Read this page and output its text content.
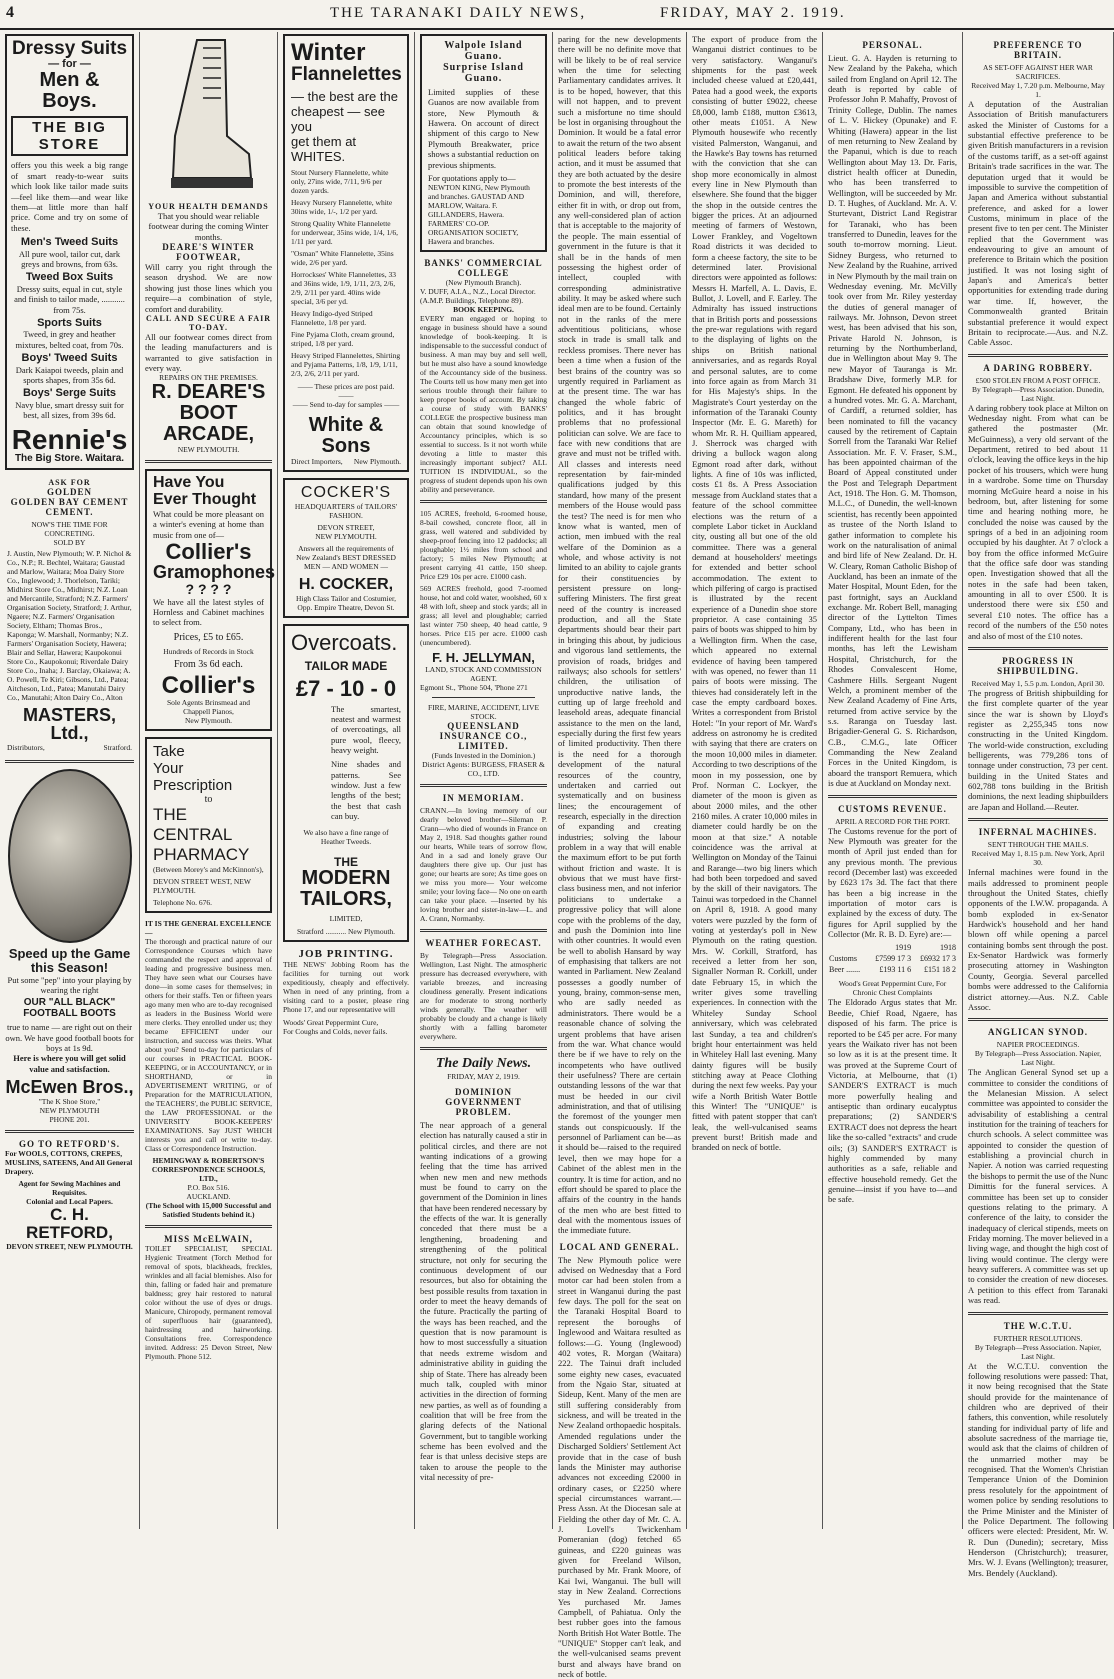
4	THE TARANAKI DAILY NEWS,	FRIDAY, MAY 2. 1919.
Dressy Suits
— for —
Men & Boys.
THE BIG STORE
offers you this week a big range of smart ready-to-wear suits which look like tailor made suits—feel like them—and wear like them—at little more than half price. Come and try on some of these.
Men's Tweed Suits
All pure wool, tailor cut, dark greys and browns, from 63s.
Tweed Box Suits
Dressy suits, equal in cut, style and finish to tailor made, ........... from 75s.
Sports Suits
Tweed, in grey and heather mixtures, belted coat, from 70s.
Boys' Tweed Suits
Dark Kaiapoi tweeds, plain and sports shapes, from 35s 6d.
Boys' Serge Suits
Navy blue, smart dressy suit for best, all sizes, from 39s 6d.
Rennie's
The Big Store. Waitara.
ASK FOR
GOLDEN
GOLDEN BAY CEMENT
CEMENT.
NOW'S THE TIME FOR CONCRETING.
SOLD BY
J. Austin, New Plymouth; W. P. Nichol & Co., N.P.; R. Bechtel, Waitara; Gaustad and Marlow, Waitara; Moa Dairy Store Co., Inglewood; J. Thorlelson, Tariki; Midhirst Store Co., Midhirst; N.Z. Loan and Mercantile, Stratford; N.Z. Farmers' Organisation Society, Stratford; J. Arthur, Ngaere; N.Z. Farmers' Organisation Society, Eltham; Thomas Bros., Kaponga; W. Marshall, Normanby; N.Z. Farmers' Organisation Society, Hawera; Blair and Sellar, Hawera; Kaupokonui Store Co., Kaupokonui; Riverdale Dairy Store Co., Inaha; J. Barclay, Okaiawa; A. O. Powell, Te Kiri; Gibsons, Ltd., Patea; Aitcheson, Ltd., Patea; Manutahi Dairy Co., Manutahi; Alton Dairy Co., Alton
MASTERS, Ltd.,
Distributors,	Stratford.
Speed up the Game
this Season!
Put some "pep" into your playing by wearing the right
OUR "ALL BLACK" FOOTBALL BOOTS
true to name — are right out on their own. We have good football boots for boys at 1s 9d.
Here is where you will get solid value and satisfaction.
McEwen Bros.,
"The K Shoe Store,"
NEW PLYMOUTH
PHONE 201.
GO TO RETFORD'S.
For WOOLS, COTTONS, CREPES, MUSLINS, SATEENS, And All General Drapery.
Agent for Sewing Machines and Requisites.
Colonial and Local Papers.
C. H. RETFORD,
DEVON STREET, NEW PLYMOUTH.
YOUR HEALTH DEMANDS
That you should wear reliable footwear during the coming Winter months.
DEARE'S WINTER FOOTWEAR,
Will carry you right through the season dryshod. We are now showing just those lines which you require—a combination of style, comfort and durability.
CALL AND SECURE A FAIR TO-DAY.
All our footwear comes direct from the leading manufacturers and is warranted to give satisfaction in every way.
REPAIRS ON THE PREMISES.
R. DEARE'S
BOOT
ARCADE,
NEW PLYMOUTH.
Have You
Ever Thought
What could be more pleasant on a winter's evening at home than music from one of—
Collier's
Gramophones
? ? ? ?
We have all the latest styles of Hornless and Cabinet machines to select from.
Prices, £5 to £65.
Hundreds of Records in Stock
From 3s 6d each.
Collier's
Sole Agents Brinsmead and Chappell Pianos,
New Plymouth.
Take
Your
Prescription
to
THE
CENTRAL
PHARMACY
(Between Morey's and McKinnon's),
DEVON STREET WEST, NEW PLYMOUTH.
Telephone No. 676.
IT IS THE GENERAL EXCELLENCE—
The thorough and practical nature of our Correspondence Courses which have commanded the respect and approval of leading and progressive business men. They have seen what our Courses have done—in some cases for themselves; in others for their staffs. Ten or fifteen years ago many men who are to-day recognised as leaders in the Business World were mere clerks. They enrolled under us; they became EFFICIENT under our instruction, and success was theirs. What about you? Send to-day for particulars of our courses in PRACTICAL BOOK-KEEPING, or in ACCOUNTANCY, or in SHORTHAND, or in ADVERTISEMENT WRITING, or of Preparation for the MATRICULATION, the TEACHERS', the PUBLIC SERVICE, the LAW PROFESSIONAL or the UNIVERSITY BOOK-KEEPERS' EXAMINATIONS. Say JUST WHICH interests you and call or write to-day. Class or Correspondence Instruction.
HEMINGWAY & ROBERTSON'S CORRESPONDENCE SCHOOLS, LTD.,
P.O. Box 516.
AUCKLAND.
(The School with 15,000 Successful and Satisfied Students behind it.)
MISS McELWAIN,
TOILET SPECIALIST, SPECIAL Hygienic Treatment (Torch Method for removal of spots, blackheads, freckles, wrinkles and all facial blemishes. Also for thin, falling or faded hair and premature baldness; grey hair restored to natural color without the use of dyes or drugs. Manicure, Chiropody, permanent removal of superfluous hair (guaranteed), hairdressing and hairworking. Consultations free. Correspondence invited. Address: 25 Devon Street, New Plymouth. Phone 512.
Winter
Flannelettes
— the best are the
cheapest — see you
get them at WHITES.
Stout Nursery Flannelette, white only, 27ins wide, 7/11, 9/6 per dozen yards.
Heavy Nursery Flannelette, white 30ins wide, 1/-, 1/2 per yard.
Strong Quality White Flannelette for underwear, 35ins wide, 1/4, 1/6, 1/11 per yard.
"Osman" White Flannelette, 35ins wide, 2/6 per yard.
Horrockses' White Flannelettes, 33 and 36ins wide, 1/9, 1/11, 2/3, 2/6, 2/9, 2/11 per yard. 40ins wide special, 3/6 per yd.
Heavy Indigo-dyed Striped Flannelette, 1/8 per yard.
Fine Pyjama Cloth, cream ground, striped, 1/8 per yard.
Heavy Striped Flannelettes, Shirting and Pyjama Patterns, 1/8, 1/9, 1/11, 2/3, 2/6, 2/11 per yard.
—— These prices are post paid. ——
—— Send to-day for samples ——
White & Sons
Direct Importers, New Plymouth.
COCKER'S
HEADQUARTERS of TAILORS' FASHION.
DEVON STREET,
NEW PLYMOUTH.
Answers all the requirements of New Zealand's BEST DRESSED MEN — AND WOMEN —
H. COCKER,
High Class Tailor and Costumier,
Opp. Empire Theatre, Devon St.
Overcoats.
TAILOR MADE
£7 - 10 - 0
The smartest, neatest and warmest of overcoatings, all pure wool, fleecy, heavy weight.
Nine shades and patterns. See window. Just a few lengths of the best; the best that cash can buy.
We also have a fine range of Heather Tweeds.
THE
MODERN
TAILORS,
LIMITED,
Stratford ........... New Plymouth.
JOB PRINTING.
THE NEWS' Jobbing Room has the facilities for turning out work expeditiously, cheaply and effectively. When in need of any printing, from a visiting card to a poster, please ring Phone 17, and our representative will
Woods' Great Peppermint Cure,
For Coughs and Colds, never fails.
Walpole Island Guano.
Surprise Island Guano.
Limited supplies of these Guanos are now available from store, New Plymouth & Hawera. On account of direct shipment of this cargo to New Plymouth Breakwater, price shows a substantial reduction on previous shipments.
For quotations apply to—
NEWTON KING, New Plymouth and branches. GAUSTAD AND MARLOW, Waitara. F. GILLANDERS, Hawera. FARMERS' CO-OP. ORGANISATION SOCIETY, Hawera and branches.
BANKS' COMMERCIAL COLLEGE
(New Plymouth Branch).
V. DUFF, A.I.A., N.Z., Local Director. (A.M.P. Buildings, Telephone 89).
BOOK KEEPING.
EVERY man engaged or hoping to engage in business should have a sound knowledge of book-keeping. It is indispensable to the successful conduct of business. A man may buy and sell well, but he must also have a sound knowledge of the Accountancy side of the business. The Courts tell us how many men get into serious trouble through their failure to keep proper books of account. By taking a course of study with BANKS' COLLEGE the prospective business man can obtain that sound knowledge of Accountancy principles, which is so essential to success. Is it not worth while devoting a little to master this increasingly important subject? ALL TUITION IS INDIVIDUAL, so the progress of student depends upon his own ability and perseverance.
105 ACRES, freehold, 6-roomed house, 8-bail cowshed, concrete floor, all in grass, well watered and subdivided by sheep-proof fencing into 12 paddocks; all ploughable; 1½ miles from school and factory; 5 miles New Plymouth; at present carrying 41 cattle, 150 sheep. Price £29 10s per acre. £1000 cash.
569 ACRES freehold, good 7-roomed house, hot and cold water, woolshed, 60 x 48 with loft, sheep and stock yards; all in grass; all level and ploughable; carried last winter 750 sheep, 40 head cattle, 9 horses. Price £15 per acre. £1000 cash (unencumbered).
F. H. JELLYMAN,
LAND, STOCK AND COMMISSION AGENT.
Egmont St., 'Phone 504, 'Phone 271
FIRE, MARINE, ACCIDENT, LIVE STOCK.
QUEENSLAND INSURANCE CO., LIMITED.
(Funds Invested in the Dominion.) District Agents: BURGESS, FRASER & CO., LTD.
IN MEMORIAM.
CRANN.—In loving memory of our dearly beloved brother—Sileman P. Crann—who died of wounds in France on May 2, 1918. Sad thoughts gather round our hearts, While tears of sorrow flow, And in a sad and lonely grave Our daughters there give up. Our just has gone; our hearts are sore; As time goes on we miss you more— Your welcome smile; your loving face— No one on earth can take your place. —Inserted by his loving brother and sister-in-law—L. and A. Crann, Normanby.
WEATHER FORECAST.
By Telegraph—Press Association. Wellington, Last Night. The atmospheric pressure has decreased everywhere, with variable breezes, and increasing cloudiness generally. Present indications are for moderate to strong northerly winds generally. The weather will probably be cloudy and a change is likely shortly with a falling barometer everywhere.
The Daily News.
FRIDAY, MAY 2, 1919.
DOMINION GOVERNMENT PROBLEM.
The near approach of a general election has naturally caused a stir in political circles, and there are not wanting indications of a growing feeling that the time has arrived when new men and new methods must be found to carry on the government of the Dominion in lines that have been rendered necessary by the effects of the war. It is generally conceded that there must be a lengthening, broadening and strengthening of the political structure, not only for securing the continuous development of our resources, but also for obtaining the best possible results from taxation in order to meet the heavy demands of the future. Practically the parting of the ways has been reached, and the question that is now paramount is how to most successfully a situation that needs extreme wisdom and administrative ability in guiding the ship of State. There has already been much talk, coupled with minor activities in the direction of forming new parties, as well as of founding a coalition that will be free from the glaring defects of the National Government, but to tangible working scheme has been evolved and the fear is that unless decisive steps are taken to arouse the people to the vital necessity of pre-
paring for the new developments there will be no definite move that will be likely to be of real service when the time for selecting Parliamentary candidates arrives. It is to be hoped, however, that this will not happen, and to prevent such a misfortune no time should be lost in organising throughout the Dominion. It would be a fatal error to await the return of the two absent political leaders before taking action, and it must be assumed that they are both actuated by the desire to promote the best interests of the Dominion, and will, therefore, either fit in with, or drop out from, any well-considered plan of action that is acceptable to the majority of the people. The main essential of government in the future is that it shall be in the hands of men possessing the highest order of intellect, coupled with corresponding administrative ability. It may be asked where such ideal men are to be found. Certainly not in the ranks of the mere adventitious politicians, whose stock in trade is small talk and reckless promises. There never has been a time when a fusion of the best brains of the country was so urgently required in Parliament as at the present time. The war has changed the whole fabric of politics, and it has brought problems that no professional politician can solve. We are face to face with new conditions that are grave and must not be trifled with. All classes and interests need representation by fair-minded qualifications judged by this standard, how many of the present members of the House would pass the test? The need is for men who know what is wanted, men of action, men imbued with the real welfare of the Dominion as a whole, and whose activity is not limited to an ability to cajole grants for their constituencies by persistent pressure on long-suffering Ministers. The first great need of the country is increased production, and all the State departments should bear their part in bringing this about, by judicious and vigorous land settlements, the provision of roads, bridges and railways; also schools for settlers' children, the utilisation of unproductive native lands, the cutting up of large freehold and leasehold areas, adequate financial assistance to the men on the land, especially during the first few years of limited productivity. Then there is the need for a thorough development of the natural resources of the country, undertaken and carried out systematically and on business lines; the encouragement of research, especially in the direction of expanding and creating industries; solving the labour problem in a way that will enable the maximum effort to be put forth without friction and waste. It is obvious that we must have first-class business men, and not inferior politicians to undertake a progressive policy that will alone cope with the problems of the day, and push the Dominion into line with other countries. It would even be well to abolish Hansard by way of emphasising that talkers are not wanted in Parliament. New Zealand possesses a goodly number of young, brainy, common-sense men, who are sadly needed as administrators. There would be a reasonable chance of solving the urgent problems that have arisen from the war. What chance would there be if we have to rely on the incompetents who have outlived their usefulness? There are certain outstanding lessons of the war that must be heeded in our civil administration, and that of utilising the foremost of the younger men stands out conspicuously. If the personnel of Parliament can be—as it should be—raised to the required level, then we may hope for a Cabinet of the ablest men in the country. It is time for action, and no effort should be spared to place the affairs of the country in the hands of the men who are best fitted to deal with the momentous issues of the immediate future.
LOCAL AND GENERAL.
The New Plymouth police were advised on Wednesday that a Ford motor car had been stolen from a street in Wanganui during the past few days. The poll for the seat on the Taranaki Hospital Board to represent the boroughs of Inglewood and Waitara resulted as follows:—G. Young (Inglewood) 402 votes, R. Morgan (Waitara) 222. The Tainui draft included some eighty new cases, evacuated from the Ngaio Star, situated at Sideup, Kent. Many of the men are still suffering considerably from sickness, and will be treated in the New Zealand orthopaedic hospitals. Amended regulations under the Discharged Soldiers' Settlement Act provide that in the case of bush lands the Minister may authorise advances not exceeding £2000 in ordinary cases, or £2250 where special circumstances warrant.—Press Assn. At the Diocesan sale at Fielding the other day of Mr. C. A. J. Lovell's Twickenham Pomeranian (dog) fetched 65 guineas, and £220 guineas was given for Freeland Wilson, purchased by Mr. Frank Moore, of Kai Iwi, Wanganui. The bull will stay in New Zealand. Corrections Yes purchased Mr. James Campbell, of Pahiatua. Only the best rubber goes into the famous North British Hot Water Bottle. The "UNIQUE" Stopper can't leak, and the well-vulcanised seams prevent burst and always have brand on neck of bottle.
The export of produce from the Wanganui district continues to be very satisfactory. Wanganui's shipments for the past week included cheese valued at £20,441, Patea had a good week, the exports consisting of butter £9022, cheese £8,000, lamb £188, mutton £3613, other meats £1051. A New Plymouth housewife who recently visited Palmerston, Wanganui, and the Hawke's Bay towns has returned with the conviction that she can shop more economically in almost every line in New Plymouth than elsewhere. She found that the bigger the shop in the outside centres the bigger the prices. At an adjourned meeting of farmers of Westown, Lower Frankley, and Vogeltown Road districts it was decided to form a cheese factory, the site to be determined later. Provisional directors were appointed as follows: Messrs H. Marfell, A. L. Davis, E. Bullot, J. Lovell, and F. Earley. The Admiralty has issued instructions that in British ports and possessions the pre-war regulations with regard to the displaying of lights on the ships on British national anniversaries, and as regards Royal and personal salutes, are to come into force again as from March 31 for His Majesty's ships. In the Magistrate's Court yesterday on the information of the Taranaki County Inspector (Mr. E. G. Mareth) for whom Mr. R. H. Quilliam appeared, J. Sherrock was charged with driving a bullock wagon along Egmont road after dark, without lights. A fine of 10s was inflicted, costs £1 8s. A Press Association message from Auckland states that a feature of the school committee elections was the return of a complete Labor ticket in Auckland city, ousting all but one of the old committee. There was a general demand at householders' meetings for extended and better school accommodation. The extent to which pilfering of cargo is practised is illustrated by the recent experience of a Dunedin shoe store proprietor. A case containing 35 pairs of boots was shipped to him by a Wellington firm. When the case, which appeared no external evidence of having been tampered with was opened, no fewer than 11 pairs of boots were missing. The thieves had considerately left in the case the empty cardboard boxes. Writes a correspondent from Bristol Hotel: "In your report of Mr. Ward's address on astronomy he is credited with saying that there are craters on the moon 10,000 miles in diameter. According to two descriptions of the moon in my possession, one by Prof. Norman C. Lockyer, the diameter of the moon is given as about 2000 miles, and the other 2160 miles. A crater 10,000 miles in diameter could hardly be on the moon at that size." A notable coincidence was the arrival at Wellington on Monday of the Tainui and Rarange—two big liners which had both been torpedoed and saved by the skill of their navigators. The Tainui was torpedoed in the Channel on April 8, 1918. A good many voters were puzzled by the form of voting at yesterday's poll in New Plymouth on the rating question. Mrs. W. Corkill, Stratford, has received a letter from her son, Signaller Norman R. Corkill, under date February 15, in which the writer gives some travelling experiences. In connection with the Whiteley Sunday School anniversary, which was celebrated last Sunday, a tea and children's bright hour entertainment was held in Whiteley Hall last evening. Many dainty figures will be busily stitching away at Peace Clothing during the next few weeks. Pay your wife a North British Water Bottle this Winter! The "UNIQUE" is fitted with patent stopper that can't leak, the well-vulcanised seams prevent burst! British made and branded on neck of bottle.
PERSONAL.
Lieut. G. A. Hayden is returning to New Zealand by the Pakeha, which sailed from England on April 12. The death is reported by cable of Professor John P. Mahaffy, Provost of Trinity College, Dublin. The names of L. V. Hickey (Opunake) and F. Whiting (Hawera) appear in the list of men returning to New Zealand by the Papanui, which is due to reach Wellington about May 13. Dr. Faris, district health officer at Dunedin, who has been transferred to Wellington, will be succeeded by Mr. D. T. Hughes, of Auckland. Mr. A. V. Sturtevant, District Land Registrar for Taranaki, who has been transferred to Dunedin, leaves for the south to-morrow morning. Lieut. Sidney Burgess, who returned to New Zealand by the Ruahine, arrived in New Plymouth by the mail train on Wednesday evening. Mr. McVilly took over from Mr. Riley yesterday the duties of general manager of railways. Mr. Johnson, Devon street west, has been advised that his son, Private Harold N. Johnson, is returning by the Northumberland, due in Wellington about May 9. The new Mayor of Tauranga is Mr. Bradshaw Dive, formerly M.P. for Egmont. He defeated his opponent by a hundred votes. Mr. G. A. Marchant, of Cardiff, a returned soldier, has been nominated to fill the vacancy caused by the retirement of Captain Sorrell from the Taranaki War Relief Association. Mr. F. V. Fraser, S.M., has been appointed chairman of the Board of Appeal constituted under the Post and Telegraph Department Act, 1918. The Hon. G. M. Thomson, M.L.C., of Dunedin, the well-known scientist, has recently been appointed as trustee of the North Island to gather information to complete his work on the naturalisation of animal and bird life of New Zealand. Dr. H. W. Cleary, Roman Catholic Bishop of Auckland, has been an inmate of the Mater Hospital, Mount Eden, for the past fortnight, says an Auckland exchange. Mr. Robert Bell, managing director of the Lyttelton Times Company, Ltd., who has been in indifferent health for the last four months, has left the Lewisham Hospital, Christchurch, for the Rhodes Convalescent Home, Cashmere Hills. Sergeant Nugent Welch, a prominent member of the New Zealand Academy of Fine Arts, returned from active service by the s.s. Raranga on Tuesday last. Brigadier-General G. S. Richardson, C.B., C.M.G., late Officer Commanding the New Zealand Forces in the United Kingdom, is aboard the transport Remuera, which is due at Auckland on Monday next.
CUSTOMS REVENUE.
APRIL A RECORD FOR THE PORT.
The Customs revenue for the port of New Plymouth was greater for the month of April just ended than for any previous month. The previous record (December last) was exceeded by £623 17s 3d. The fact that there has been a big increase in the importation of motor cars is explained by the excess of duty. The figures for April supplied by the Collector (Mr. R. B. D. Eyre) are:—
	1919	1918
Customs	£7599 17 3	£6932 17 3
Beer .......	£193 11 6	£151 18 2
Wood's Great Peppermint Cure, For Chronic Chest Complaints
The Eldorado Argus states that Mr. Beedie, Chief Road, Ngaere, has disposed of his farm. The price is reported to be £45 per acre. For many years the Waikato river has not been so low as it is at the present time. It was proved at the Supreme Court of Victoria, at Melbourne, that (1) SANDER'S EXTRACT is much more powerfully healing and antiseptic than ordinary eucalyptus preparations; (2) SANDER'S EXTRACT does not depress the heart like the so-called "extracts" and crude oils; (3) SANDER'S EXTRACT is highly commended by many authorities as a safe, reliable and effective household remedy. Get the genuine—insist if you have to—and be safe.
PREFERENCE TO BRITAIN.
AS SET-OFF AGAINST HER WAR SACRIFICES.
Received May 1, 7.20 p.m. Melbourne, May 1.
A deputation of the Australian Association of British manufacturers asked the Minister of Customs for a substantial effective preference to be given British manufacturers in a revision of the customs tariff, as a set-off against Britain's trade sacrifices in the war. The deputation urged that it would be impossible to survive the competition of Japan and America without substantial preference, and asked for a lower Customs, minimum in place of the present five to ten per cent. The Minister replied that the Government was endeavouring to give an amount of preference to Britain which the position justified. It was not losing sight of Japan's and America's better opportunities for extending trade during war time. If, however, the Commonwealth granted Britain substantial preference it would expect Britain to reciprocate.—Aus. and N.Z. Cable Assoc.
A DARING ROBBERY.
£500 STOLEN FROM A POST OFFICE.
By Telegraph—Press Association. Dunedin, Last Night.
A daring robbery took place at Milton on Wednesday night. From what can be gathered the postmaster (Mr. McGuinness), a very old servant of the Department, retired to bed about 11 o'clock, leaving the office keys in the hip pocket of his trousers, which were hung in a wardrobe. Some time on Thursday morning McGuire heard a noise in his bedroom, but, after listening for some time and hearing nothing more, he concluded the noise was caused by the springs of a bed in an adjoining room occupied by his daughter. At 7 o'clock a boy from the office informed McGuire that the office safe door was standing open. Investigation showed that all the notes in the safe had been taken, amounting in all to over £500. It is understood there were six £50 and several £10 notes. The office has a record of the numbers of the £50 notes and also of most of the £10 notes.
PROGRESS IN SHIPBUILDING.
Received May 1, 5.5 p.m. London, April 30.
The progress of British shipbuilding for the first complete quarter of the year since the war is shown by Lloyd's register as 2,255,345 tons now constructing in the United Kingdom. The world-wide construction, excluding belligerents, was 779,286 tons of tonnage under construction, 73 per cent. building in the United States and 602,788 tons building in the British dominions, the next leading shipbuilders are Japan and Holland.—Reuter.
INFERNAL MACHINES.
SENT THROUGH THE MAILS.
Received May 1, 8.15 p.m. New York, April 30.
Infernal machines were found in the mails addressed to prominent people throughout the United States, chiefly opponents of the I.W.W. propaganda. A bomb exploded in ex-Senator Hardwick's household and her hand blown off while opening a parcel containing bombs sent through the post. Ex-Senator Hardwick was formerly prosecuting attorney in Washington County, Georgia. Several parcelled bombs were addressed to the California district attorney.—Aus. N.Z. Cable Assoc.
ANGLICAN SYNOD.
NAPIER PROCEEDINGS.
By Telegraph—Press Association. Napier, Last Night.
The Anglican General Synod set up a committee to consider the conditions of the Melanesian Mission. A select committee was appointed to consider the advisability of establishing a central institution for the training of teachers for church schools. A select committee was appointed to consider the question of establishing a provincial church in Napier. A notion was carried requesting the bishops to permit the use of the Nunc Dimittis for the funeral services. A committee has been set up to consider questions relating to the primary. A conference of the laity, to consider the inadequacy of clerical stipends, meets on Friday morning. The mover believed in a living wage, and thought the high cost of living would continue. The clergy were heavy sufferers. A committee was set up to consider the creation of new dioceses. A petition to this effect from Taranaki was read.
THE W.C.T.U.
FURTHER RESOLUTIONS.
By Telegraph—Press Association. Napier, Last Night.
At the W.C.T.U. convention the following resolutions were passed: That, it now being recognised that the State should provide for the maintenance of children who are deprived of their fathers, this convention, while resolutely standing for individual party of life and absolute sacredness of the marriage tie, would ask that the claims of children of the unmarried mother may be recognised. That the Women's Christian Temperance Union of the Dominion press resolutely for the appointment of women police by sending resolutions to the Prime Minister and the Minister of the Police Department. The following officers were elected: President, Mr. W. R. Dun (Dunedin); secretary, Miss Henderson (Christchurch); treasurer, Mrs. W. J. Evans (Wellington); treasurer, Mrs. Bendely (Auckland).
